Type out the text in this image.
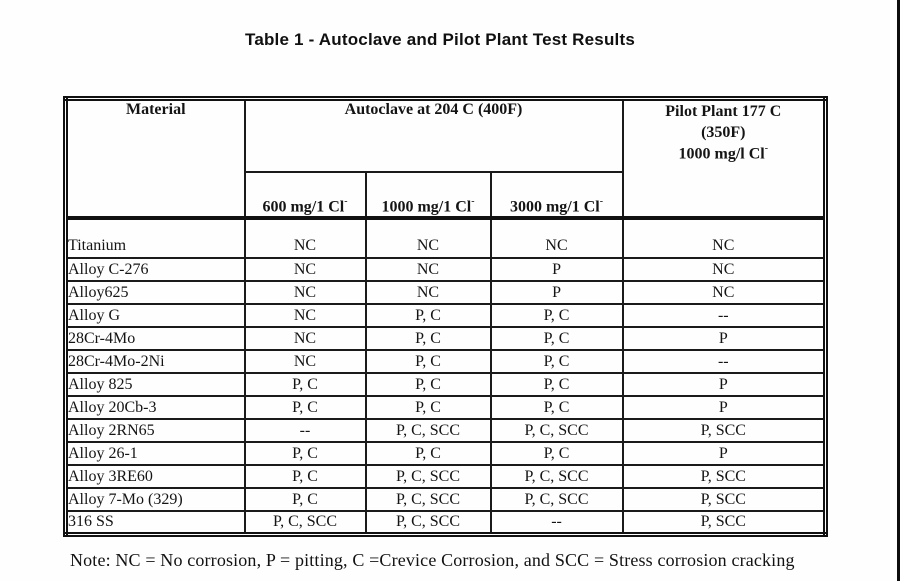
Table 1 - Autoclave and Pilot Plant Test Results
Material	Autoclave at 204 C (400F)			Pilot Plant 177 C
(350F)
1000 mg/l Cl-

	600 mg/1 Cl-	1000 mg/1 Cl-	3000 mg/1 Cl-
Titanium	NC	NC	NC	NC
Alloy C-276	NC	NC	P	NC
Alloy625	NC	NC	P	NC
Alloy G	NC	P, C	P, C	--
28Cr-4Mo	NC	P, C	P, C	P
28Cr-4Mo-2Ni	NC	P, C	P, C	--
Alloy 825	P, C	P, C	P, C	P
Alloy 20Cb-3	P, C	P, C	P, C	P
Alloy 2RN65	--	P, C, SCC	P, C, SCC	P, SCC
Alloy 26-1	P, C	P, C	P, C	P
Alloy 3RE60	P, C	P, C, SCC	P, C, SCC	P, SCC
Alloy 7-Mo (329)	P, C	P, C, SCC	P, C, SCC	P, SCC
316 SS	P, C, SCC	P, C, SCC	--	P, SCC
Note: NC = No corrosion, P = pitting, C =Crevice Corrosion, and SCC = Stress corrosion cracking
